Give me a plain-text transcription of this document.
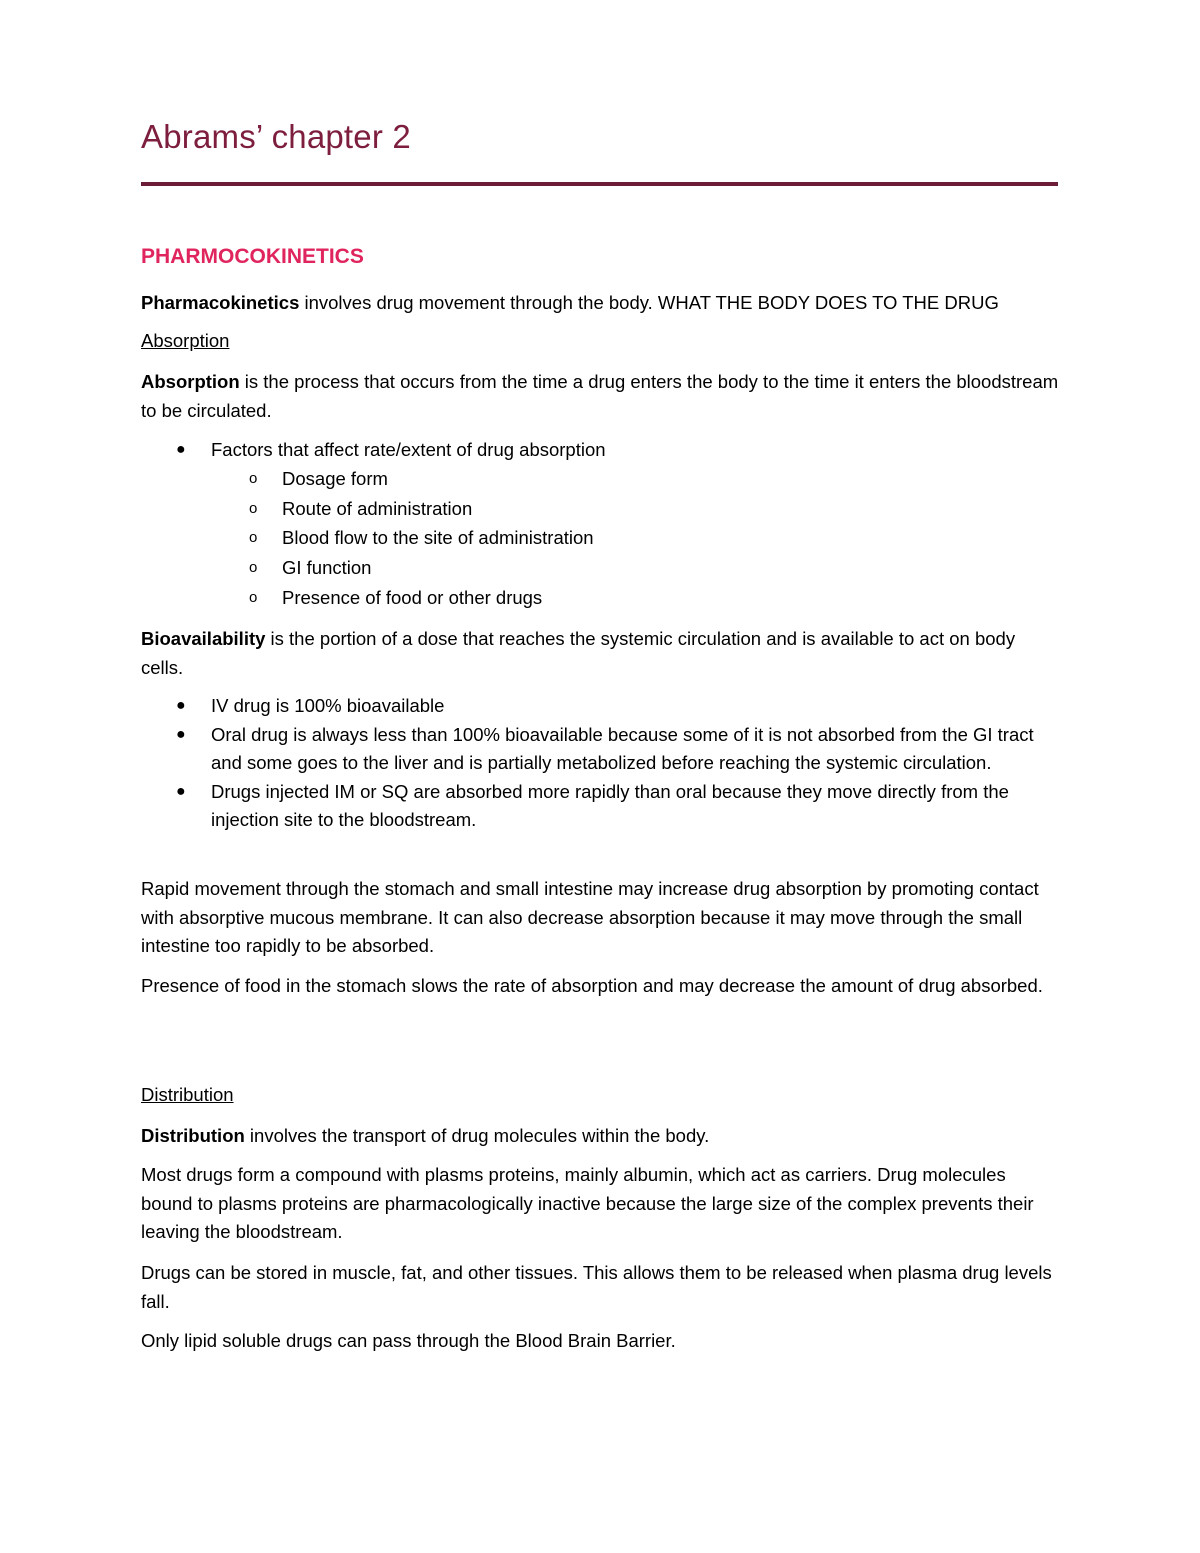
Abrams’ chapter 2
PHARMOCOKINETICS

Pharmacokinetics involves drug movement through the body. WHAT THE BODY DOES TO THE DRUG

Absorption

Absorption is the process that occurs from the time a drug enters the body to the time it enters the bloodstream to be circulated.

● Factors that affect rate/extent of drug absorption
o Dosage form
o Route of administration
o Blood flow to the site of administration
o GI function
o Presence of food or other drugs

Bioavailability is the portion of a dose that reaches the systemic circulation and is available to act on body cells.

● IV drug is 100% bioavailable
● Oral drug is always less than 100% bioavailable because some of it is not absorbed from the GI tract and some goes to the liver and is partially metabolized before reaching the systemic circulation.
● Drugs injected IM or SQ are absorbed more rapidly than oral because they move directly from the injection site to the bloodstream.

Rapid movement through the stomach and small intestine may increase drug absorption by promoting contact with absorptive mucous membrane. It can also decrease absorption because it may move through the small intestine too rapidly to be absorbed.

Presence of food in the stomach slows the rate of absorption and may decrease the amount of drug absorbed.

Distribution

Distribution involves the transport of drug molecules within the body.

Most drugs form a compound with plasms proteins, mainly albumin, which act as carriers. Drug molecules bound to plasms proteins are pharmacologically inactive because the large size of the complex prevents their leaving the bloodstream.

Drugs can be stored in muscle, fat, and other tissues. This allows them to be released when plasma drug levels fall.

Only lipid soluble drugs can pass through the Blood Brain Barrier.
